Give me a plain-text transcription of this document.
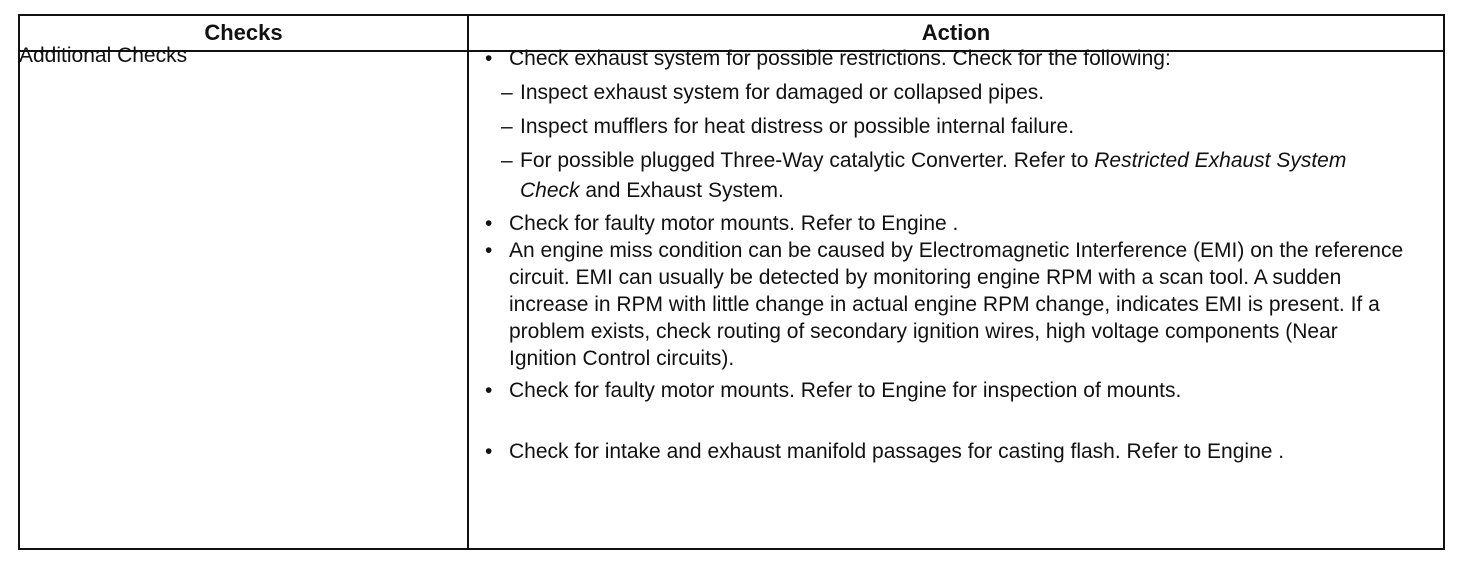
Checks	Action
Additional Checks
•	Check exhaust system for possible restrictions. Check for the following:
– Inspect exhaust system for damaged or collapsed pipes.
– Inspect mufflers for heat distress or possible internal failure.
– For possible plugged Three-Way catalytic Converter. Refer to Restricted Exhaust System Check and Exhaust System.
• Check for faulty motor mounts. Refer to Engine .
• An engine miss condition can be caused by Electromagnetic Interference (EMI) on the reference circuit. EMI can usually be detected by monitoring engine RPM with a scan tool. A sudden increase in RPM with little change in actual engine RPM change, indicates EMI is present. If a problem exists, check routing of secondary ignition wires, high voltage components (Near Ignition Control circuits).
• Check for faulty motor mounts. Refer to Engine for inspection of mounts.
• Check for intake and exhaust manifold passages for casting flash. Refer to Engine .
